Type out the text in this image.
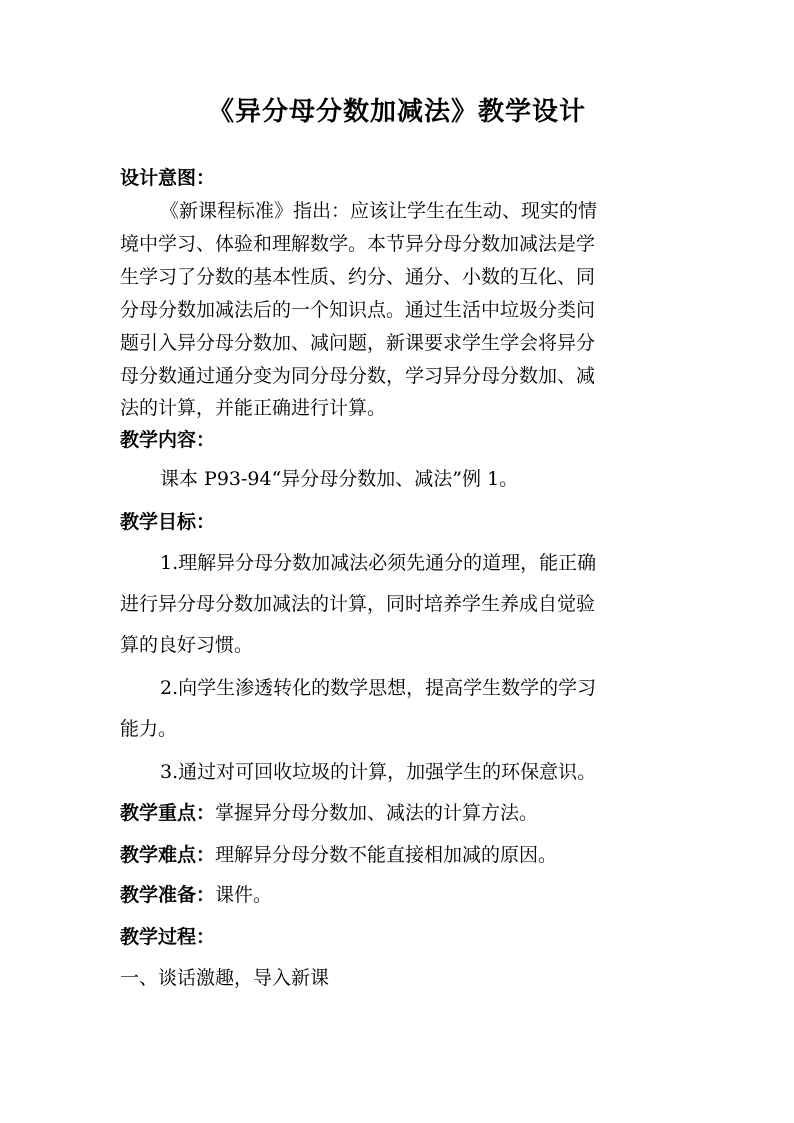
《异分母分数加减法》教学设计
设计意图：
《新课程标准》指出：应该让学生在生动、现实的情
境中学习、体验和理解数学。本节异分母分数加减法是学
生学习了分数的基本性质、约分、通分、小数的互化、同
分母分数加减法后的一个知识点。通过生活中垃圾分类问
题引入异分母分数加、减问题，新课要求学生学会将异分
母分数通过通分变为同分母分数，学习异分母分数加、减
法的计算，并能正确进行计算。
教学内容：
课本 P93-94“异分母分数加、减法”例 1。
教学目标：
1.理解异分母分数加减法必须先通分的道理，能正确
进行异分母分数加减法的计算，同时培养学生养成自觉验
算的良好习惯。
2.向学生渗透转化的数学思想，提高学生数学的学习
能力。
3.通过对可回收垃圾的计算，加强学生的环保意识。
教学重点：掌握异分母分数加、减法的计算方法。
教学难点：理解异分母分数不能直接相加减的原因。
教学准备：课件。
教学过程：
一、谈话激趣，导入新课
